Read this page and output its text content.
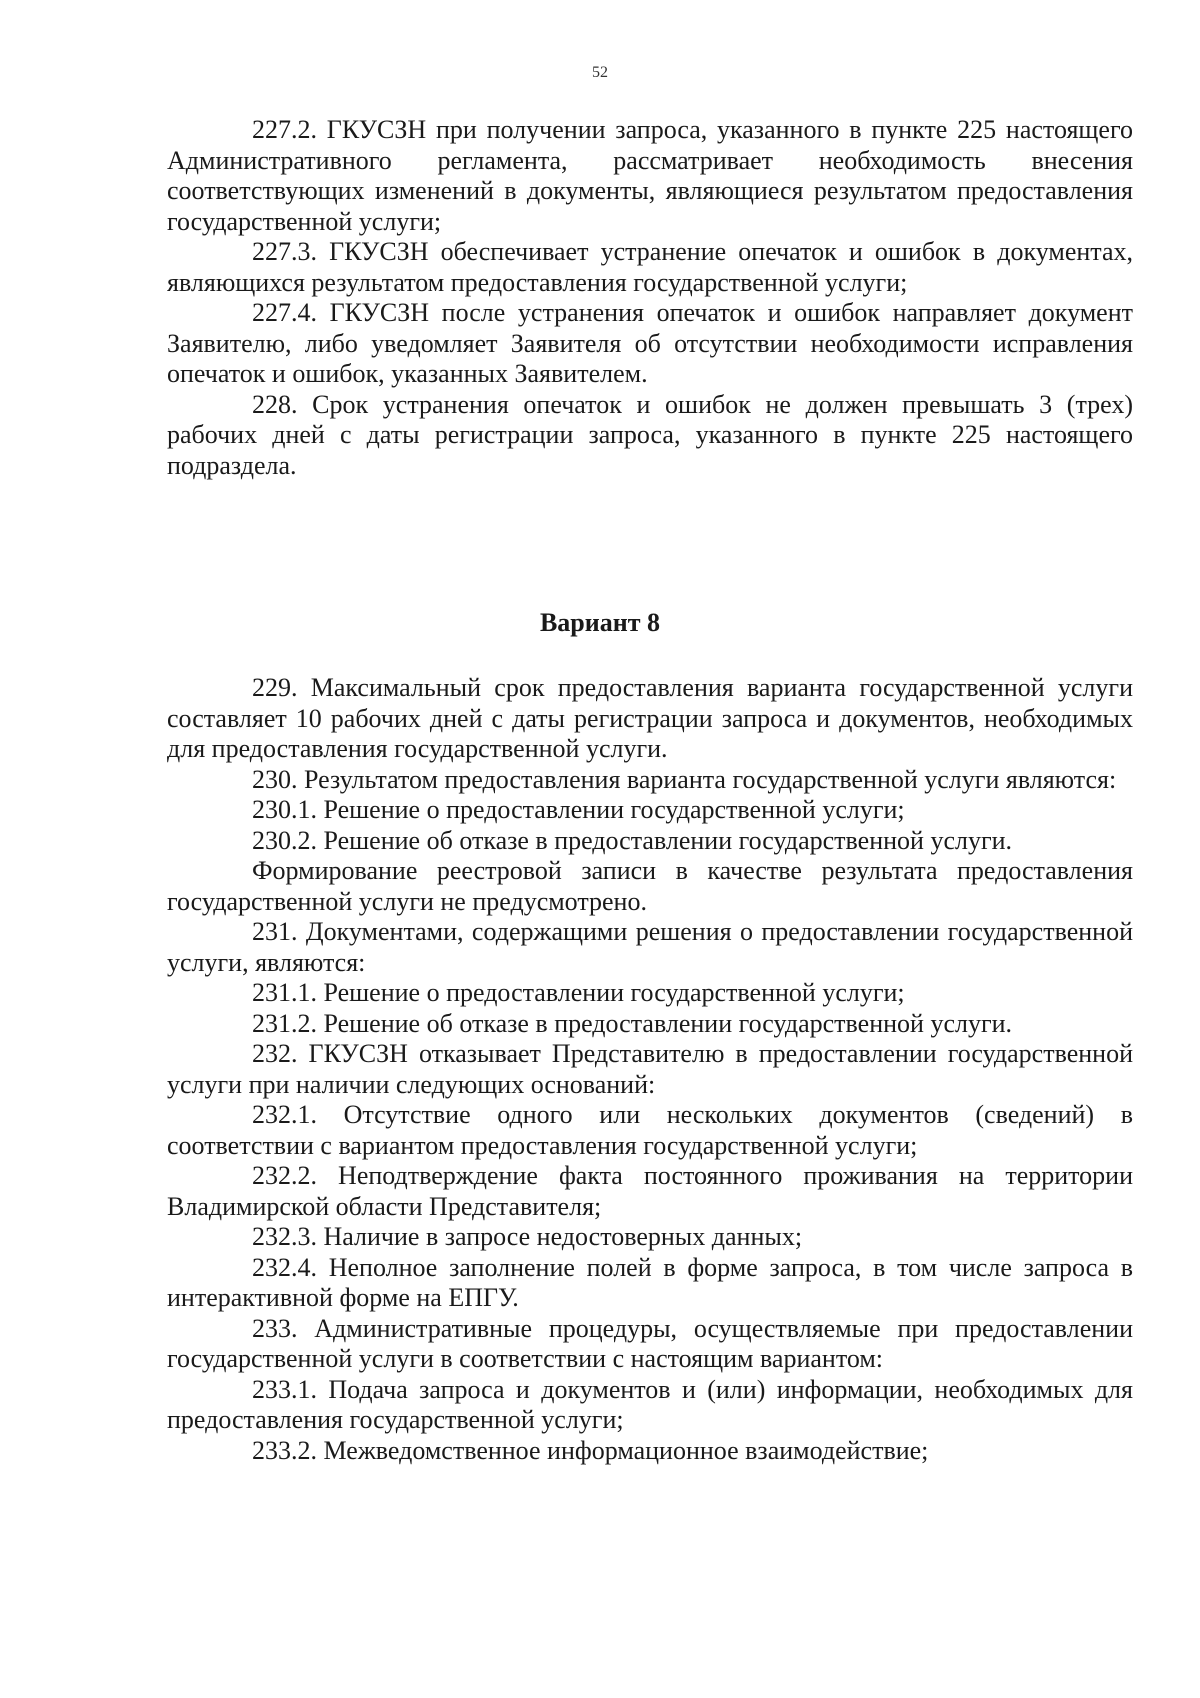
52

227.2. ГКУСЗН при получении запроса, указанного в пункте 225 настоящего Административного регламента, рассматривает необходимость внесения соответствующих изменений в документы, являющиеся результатом предоставления государственной услуги;

227.3. ГКУСЗН обеспечивает устранение опечаток и ошибок в документах, являющихся результатом предоставления государственной услуги;

227.4. ГКУСЗН после устранения опечаток и ошибок направляет документ Заявителю, либо уведомляет Заявителя об отсутствии необходимости исправления опечаток и ошибок, указанных Заявителем.

228. Срок устранения опечаток и ошибок не должен превышать 3 (трех) рабочих дней с даты регистрации запроса, указанного в пункте 225 настоящего подраздела.

Вариант 8

229. Максимальный срок предоставления варианта государственной услуги составляет 10 рабочих дней с даты регистрации запроса и документов, необходимых для предоставления государственной услуги.

230. Результатом предоставления варианта государственной услуги являются:

230.1. Решение о предоставлении государственной услуги;

230.2. Решение об отказе в предоставлении государственной услуги.

Формирование реестровой записи в качестве результата предоставления государственной услуги не предусмотрено.

231. Документами, содержащими решения о предоставлении государственной услуги, являются:

231.1. Решение о предоставлении государственной услуги;

231.2. Решение об отказе в предоставлении государственной услуги.

232. ГКУСЗН отказывает Представителю в предоставлении государственной услуги при наличии следующих оснований:

232.1. Отсутствие одного или нескольких документов (сведений) в соответствии с вариантом предоставления государственной услуги;

232.2. Неподтверждение факта постоянного проживания на территории Владимирской области Представителя;

232.3. Наличие в запросе недостоверных данных;

232.4. Неполное заполнение полей в форме запроса, в том числе запроса в интерактивной форме на ЕПГУ.

233. Административные процедуры, осуществляемые при предоставлении государственной услуги в соответствии с настоящим вариантом:

233.1. Подача запроса и документов и (или) информации, необходимых для предоставления государственной услуги;

233.2. Межведомственное информационное взаимодействие;
